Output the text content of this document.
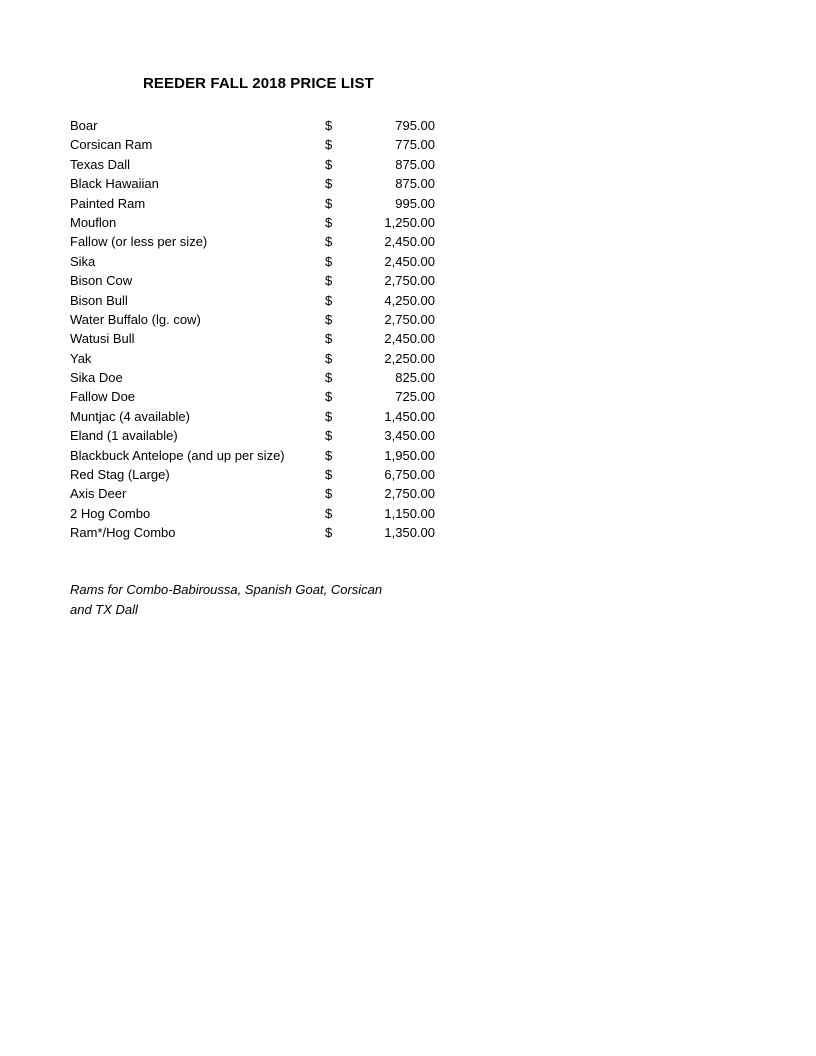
REEDER FALL 2018 PRICE LIST
Boar	$	795.00
Corsican Ram	$	775.00
Texas Dall	$	875.00
Black Hawaiian	$	875.00
Painted Ram	$	995.00
Mouflon	$	1,250.00
Fallow (or less per size)	$	2,450.00
Sika	$	2,450.00
Bison Cow	$	2,750.00
Bison Bull	$	4,250.00
Water Buffalo (lg. cow)	$	2,750.00
Watusi Bull	$	2,450.00
Yak	$	2,250.00
Sika Doe	$	825.00
Fallow Doe	$	725.00
Muntjac (4 available)	$	1,450.00
Eland (1 available)	$	3,450.00
Blackbuck Antelope (and up per size)	$	1,950.00
Red Stag (Large)	$	6,750.00
Axis Deer	$	2,750.00
2 Hog Combo	$	1,150.00
Ram*/Hog Combo	$	1,350.00
Rams for Combo-Babiroussa, Spanish Goat, Corsican and TX Dall
